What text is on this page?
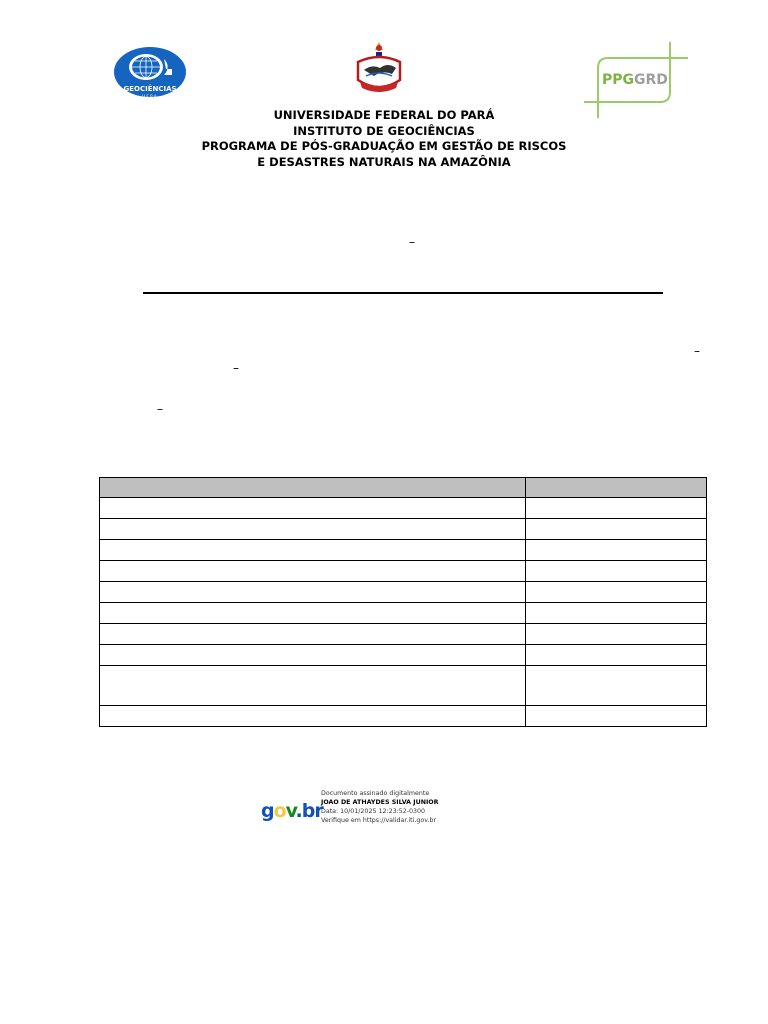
GEOCIÊNCIAS
UFPA
PPG GRD
UNIVERSIDADE FEDERAL DO PARÁ
INSTITUTO DE GEOCIÊNCIAS
PROGRAMA DE PÓS-GRADUAÇÃO EM GESTÃO DE RISCOS
E DESASTRES NATURAIS NA AMAZÔNIA
–
–
–
–

gov.br
Documento assinado digitalmente
JOAO DE ATHAYDES SILVA JUNIOR
Data: 10/01/2025 12:23:52-0300
Verifique em https://validar.iti.gov.br
